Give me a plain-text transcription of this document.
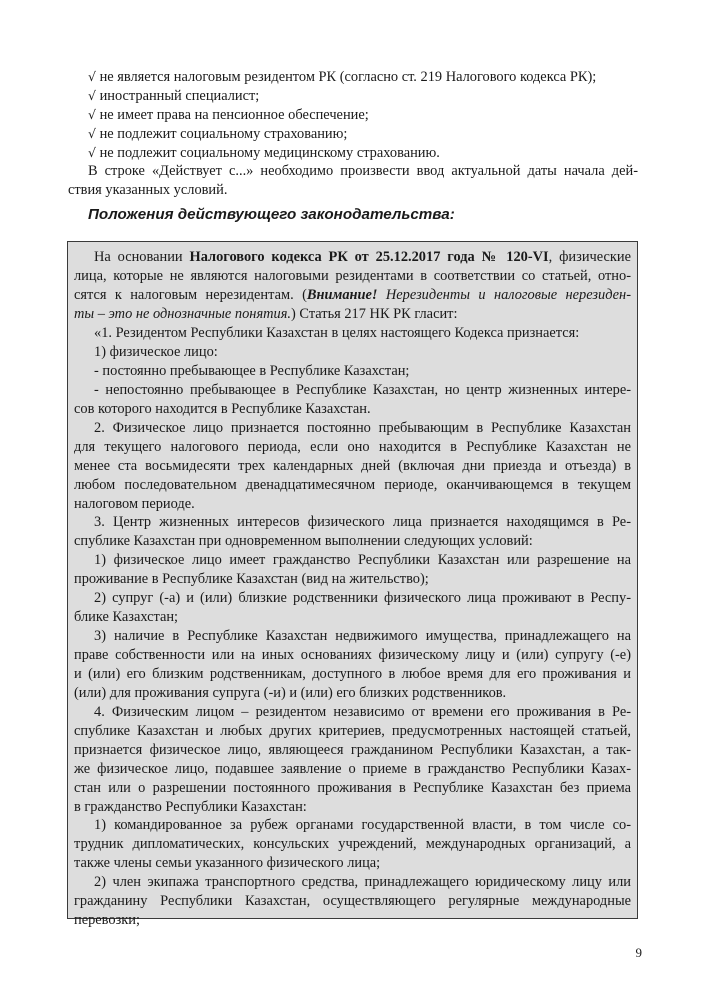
√ не является налоговым резидентом РК (согласно ст. 219 Налогового кодекса РК);
√ иностранный специалист;
√ не имеет права на пенсионное обеспечение;
√ не подлежит социальному страхованию;
√ не подлежит социальному медицинскому страхованию.
В строке «Действует с...» необходимо произвести ввод актуальной даты начала дей-
ствия указанных условий.
Положения действующего законодательства:
На основании Налогового кодекса РК от 25.12.2017 года № 120-VI, физические
лица, которые не являются налоговыми резидентами в соответствии со статьей, отно-
сятся к налоговым нерезидентам. (Внимание! Нерезиденты и налоговые нерезиден-
ты – это не однозначные понятия.) Статья 217 НК РК гласит:
«1. Резидентом Республики Казахстан в целях настоящего Кодекса признается:
1) физическое лицо:
- постоянно пребывающее в Республике Казахстан;
- непостоянно пребывающее в Республике Казахстан, но центр жизненных интере-
сов которого находится в Республике Казахстан.
2. Физическое лицо признается постоянно пребывающим в Республике Казахстан
для текущего налогового периода, если оно находится в Республике Казахстан не
менее ста восьмидесяти трех календарных дней (включая дни приезда и отъезда) в
любом последовательном двенадцатимесячном периоде, оканчивающемся в текущем
налоговом периоде.
3. Центр жизненных интересов физического лица признается находящимся в Ре-
спублике Казахстан при одновременном выполнении следующих условий:
1) физическое лицо имеет гражданство Республики Казахстан или разрешение на
проживание в Республике Казахстан (вид на жительство);
2) супруг (-а) и (или) близкие родственники физического лица проживают в Респу-
блике Казахстан;
3) наличие в Республике Казахстан недвижимого имущества, принадлежащего на
праве собственности или на иных основаниях физическому лицу и (или) супругу (-е)
и (или) его близким родственникам, доступного в любое время для его проживания и
(или) для проживания супруга (-и) и (или) его близких родственников.
4. Физическим лицом – резидентом независимо от времени его проживания в Ре-
спублике Казахстан и любых других критериев, предусмотренных настоящей статьей,
признается физическое лицо, являющееся гражданином Республики Казахстан, а так-
же физическое лицо, подавшее заявление о приеме в гражданство Республики Казах-
стан или о разрешении постоянного проживания в Республике Казахстан без приема
в гражданство Республики Казахстан:
1) командированное за рубеж органами государственной власти, в том числе со-
трудник дипломатических, консульских учреждений, международных организаций, а
также члены семьи указанного физического лица;
2) член экипажа транспортного средства, принадлежащего юридическому лицу или
гражданину Республики Казахстан, осуществляющего регулярные международные
перевозки;
9
